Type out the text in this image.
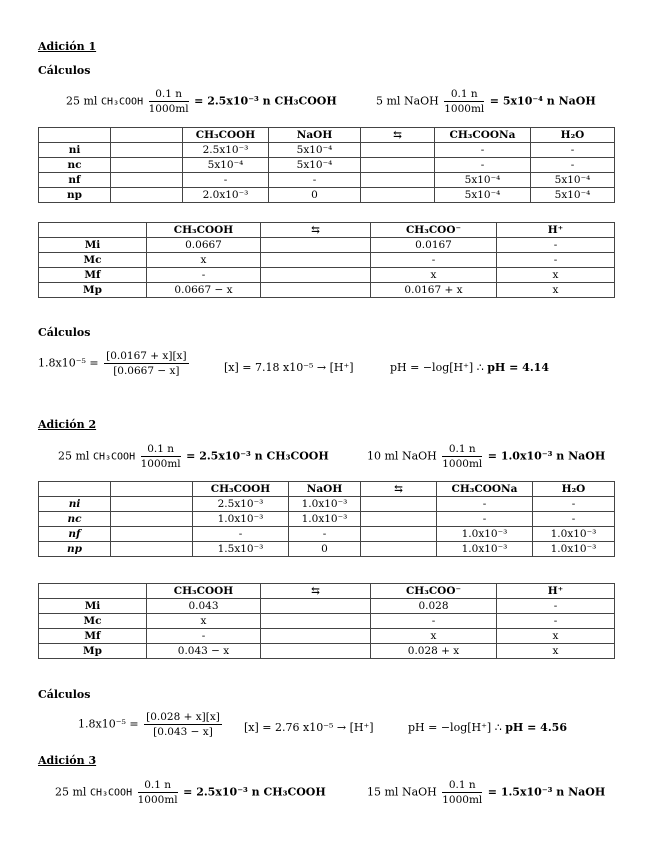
Adición 1
Cálculos
25 ml CH₃COOH $\frac{0.1 n}{1000ml} = 2.5x10^{-3}$ n CH₃COOH	5 ml NaOH $\frac{0.1 n}{1000ml} = 5x10^{-4}$ n NaOH
		CH₃COOH	NaOH	⇆	CH₃COONa	H₂O
ni		2.5x10⁻³	5x10⁻⁴		-	-
nc		5x10⁻⁴	5x10⁻⁴		-	-
nf		-	-		5x10⁻⁴	5x10⁻⁴
np		2.0x10⁻³	0		5x10⁻⁴	5x10⁻⁴
	CH₃COOH	⇆	CH₃COO⁻	H⁺
Mi	0.0667		0.0167	-
Mc	x		-	-
Mf	-		x	x
Mp	0.0667 − x		0.0167 + x	x
Cálculos
$1.8x10^{-5} = \frac{[0.0167 + x][x]}{[0.0667 - x]}$	[x] = 7.18 x10⁻⁵ → [H⁺]	pH = −log[H⁺] ∴ pH = 4.14
Adición 2
25 ml CH₃COOH $\frac{0.1 n}{1000ml} = 2.5x10^{-3}$ n CH₃COOH	10 ml NaOH $\frac{0.1 n}{1000ml} = 1.0x10^{-3}$ n NaOH
		CH₃COOH	NaOH	⇆	CH₃COONa	H₂O
ni		2.5x10⁻³	1.0x10⁻³		-	-
nc		1.0x10⁻³	1.0x10⁻³		-	-
nf		-	-		1.0x10⁻³	1.0x10⁻³
np		1.5x10⁻³	0		1.0x10⁻³	1.0x10⁻³
	CH₃COOH	⇆	CH₃COO⁻	H⁺
Mi	0.043		0.028	-
Mc	x		-	-
Mf	-		x	x
Mp	0.043 − x		0.028 + x	x
Cálculos
$1.8x10^{-5} = \frac{[0.028 + x][x]}{[0.043 - x]} [x] = 2.76$ x10⁻⁵ → [H⁺]	pH = −log[H⁺] ∴ pH = 4.56
Adición 3
25 ml CH₃COOH $\frac{0.1 n}{1000ml} = 2.5x10^{-3}$ n CH₃COOH	15 ml NaOH $\frac{0.1 n}{1000ml} = 1.5x10^{-3}$ n NaOH
